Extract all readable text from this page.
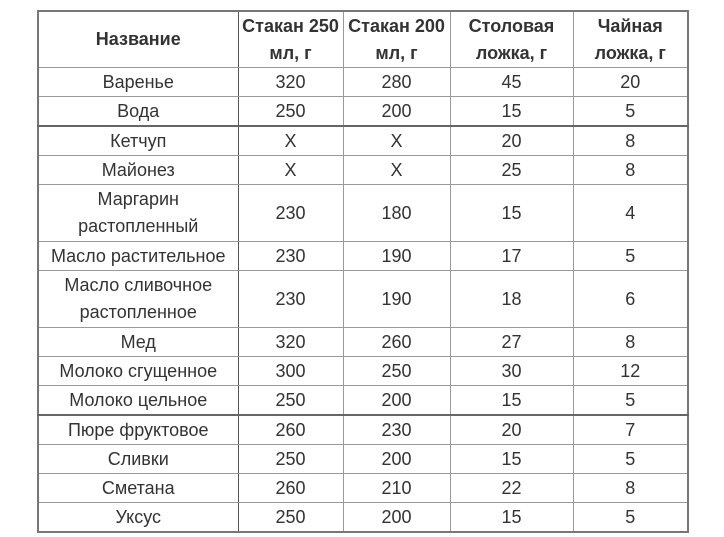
Название	Стакан 250 мл, г	Стакан 200 мл, г	Столовая ложка, г	Чайная ложка, г
Варенье	320	280	45	20
Вода	250	200	15	5
Кетчуп	Х	Х	20	8
Майонез	Х	Х	25	8
Маргарин растопленный	230	180	15	4
Масло растительное	230	190	17	5
Масло сливочное растопленное	230	190	18	6
Мед	320	260	27	8
Молоко сгущенное	300	250	30	12
Молоко цельное	250	200	15	5
Пюре фруктовое	260	230	20	7
Сливки	250	200	15	5
Сметана	260	210	22	8
Уксус	250	200	15	5
